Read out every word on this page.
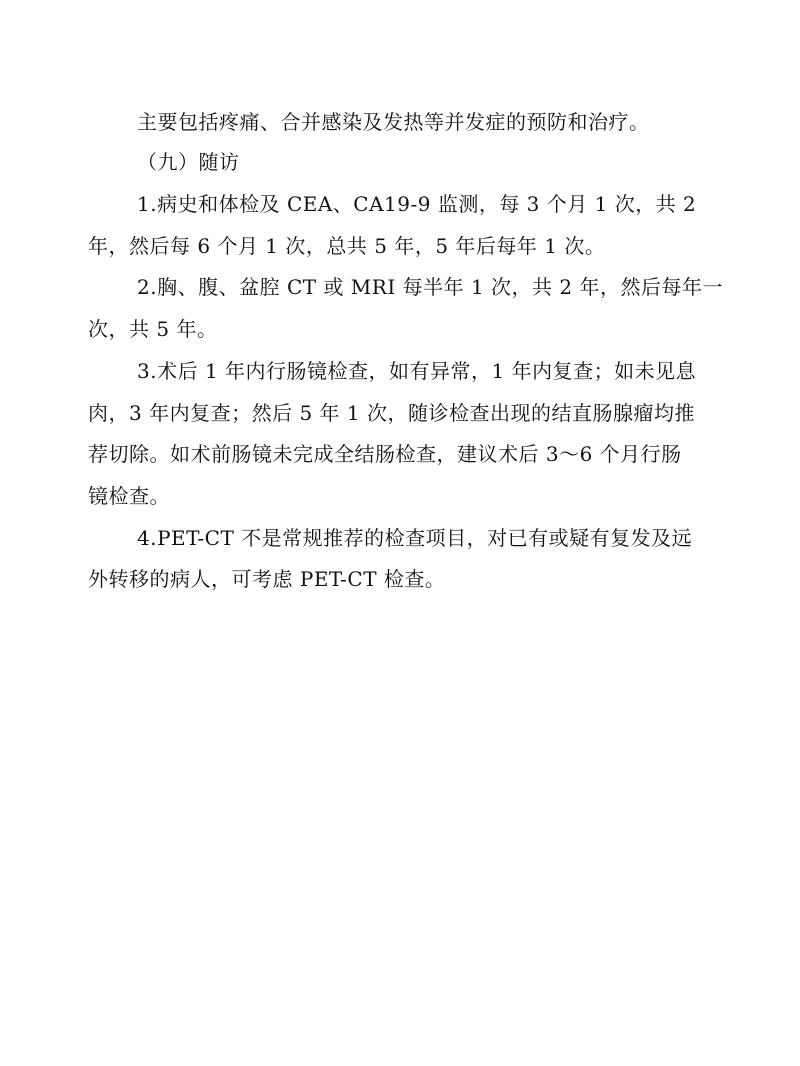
主要包括疼痛、合并感染及发热等并发症的预防和治疗。
（九）随访
1.病史和体检及 CEA、CA19-9 监测，每 3 个月 1 次，共 2
年，然后每 6 个月 1 次，总共 5 年，5 年后每年 1 次。
2.胸、腹、盆腔 CT 或 MRI 每半年 1 次，共 2 年，然后每年一
次，共 5 年。
3.术后 1 年内行肠镜检查，如有异常，1 年内复查；如未见息
肉，3 年内复查；然后 5 年 1 次，随诊检查出现的结直肠腺瘤均推
荐切除。如术前肠镜未完成全结肠检查，建议术后 3～6 个月行肠
镜检查。
4.PET-CT 不是常规推荐的检查项目，对已有或疑有复发及远
外转移的病人，可考虑 PET-CT 检查。
